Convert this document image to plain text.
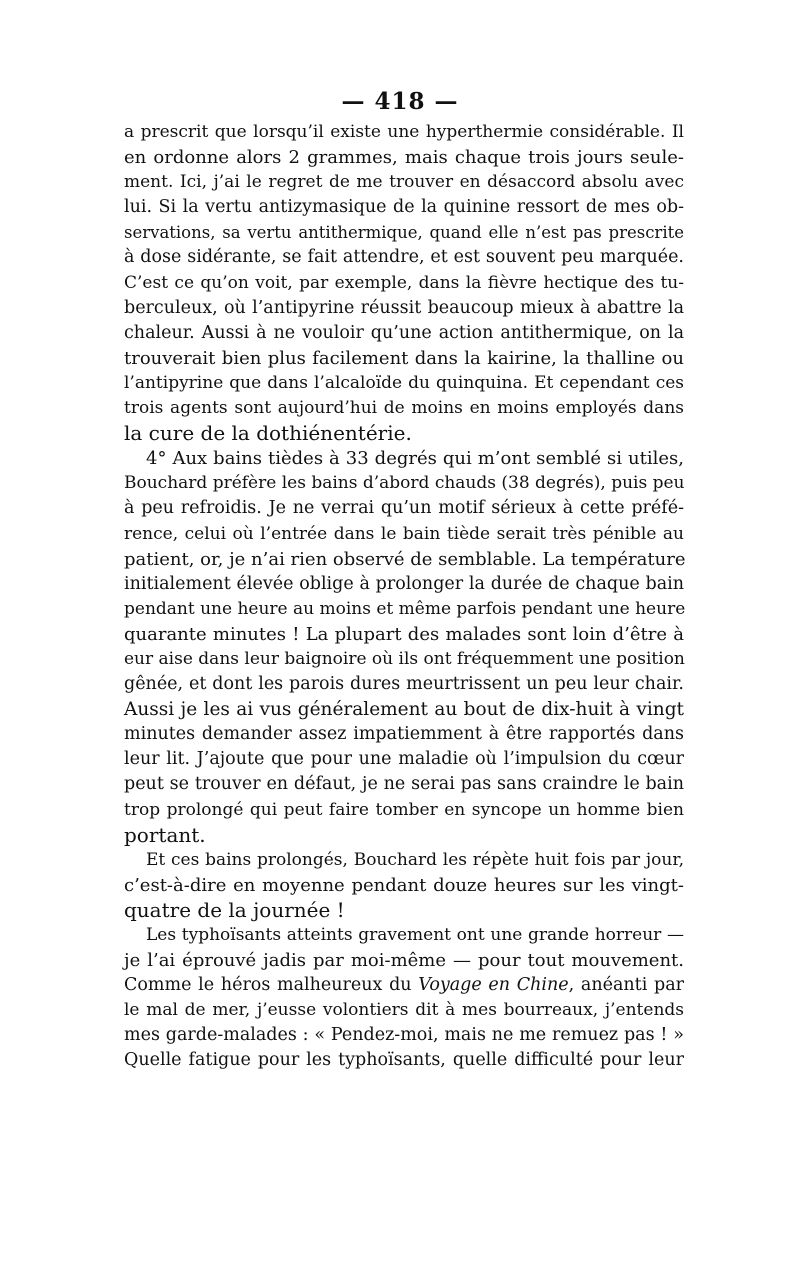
— 418 —
a prescrit que lorsqu’il existe une hyperthermie considérable. Il
en ordonne alors 2 grammes, mais chaque trois jours seule-
ment. Ici, j’ai le regret de me trouver en désaccord absolu avec
lui. Si la vertu antizymasique de la quinine ressort de mes ob-
servations, sa vertu antithermique, quand elle n’est pas prescrite
à dose sidérante, se fait attendre, et est souvent peu marquée.
C’est ce qu’on voit, par exemple, dans la fièvre hectique des tu-
berculeux, où l’antipyrine réussit beaucoup mieux à abattre la
chaleur. Aussi à ne vouloir qu’une action antithermique, on la
trouverait bien plus facilement dans la kairine, la thalline ou
l’antipyrine que dans l’alcaloïde du quinquina. Et cependant ces
trois agents sont aujourd’hui de moins en moins employés dans
la cure de la dothiénentérie.
4° Aux bains tièdes à 33 degrés qui m’ont semblé si utiles,
Bouchard préfère les bains d’abord chauds (38 degrés), puis peu
à peu refroidis. Je ne verrai qu’un motif sérieux à cette préfé-
rence, celui où l’entrée dans le bain tiède serait très pénible au
patient, or, je n’ai rien observé de semblable. La température
initialement élevée oblige à prolonger la durée de chaque bain
pendant une heure au moins et même parfois pendant une heure
quarante minutes ! La plupart des malades sont loin d’être à
eur aise dans leur baignoire où ils ont fréquemment une position
gênée, et dont les parois dures meurtrissent un peu leur chair.
Aussi je les ai vus généralement au bout de dix-huit à vingt
minutes demander assez impatiemment à être rapportés dans
leur lit. J’ajoute que pour une maladie où l’impulsion du cœur
peut se trouver en défaut, je ne serai pas sans craindre le bain
trop prolongé qui peut faire tomber en syncope un homme bien
portant.
Et ces bains prolongés, Bouchard les répète huit fois par jour,
c’est-à-dire en moyenne pendant douze heures sur les vingt-
quatre de la journée !
Les typhoïsants atteints gravement ont une grande horreur —
je l’ai éprouvé jadis par moi-même — pour tout mouvement.
Comme le héros malheureux du Voyage en Chine, anéanti par
le mal de mer, j’eusse volontiers dit à mes bourreaux, j’entends
mes garde-malades : « Pendez-moi, mais ne me remuez pas ! »
Quelle fatigue pour les typhoïsants, quelle difficulté pour leur
